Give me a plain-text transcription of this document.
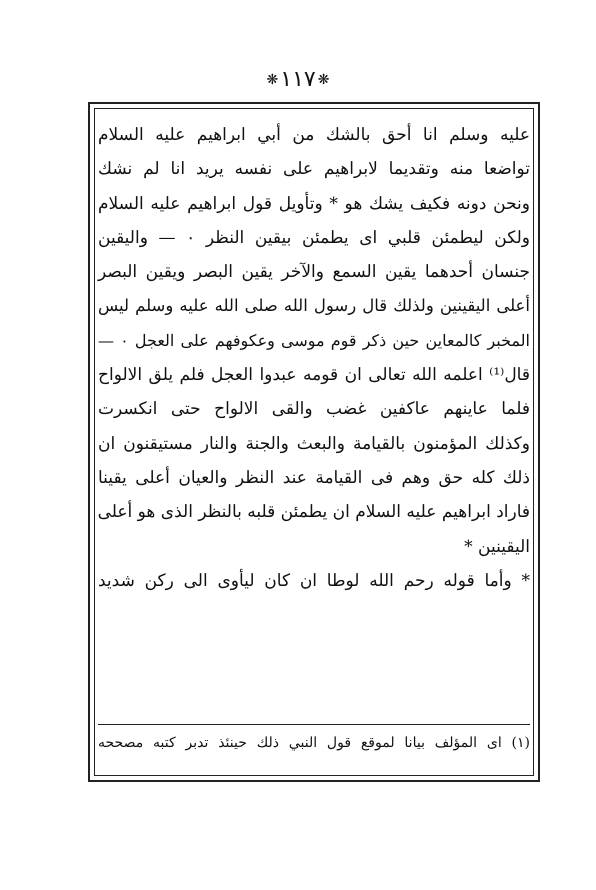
❋١١٧❋
عليه وسلم انا أحق بالشك من أبي ابراهيم عليه السلام
تواضعا منه وتقديما لابراهيم على نفسه يريد انا لم نشك
ونحن دونه فكيف يشك هو * وتأويل قول ابراهيم عليه السلام
ولكن ليطمئن قلبي اى يطمئن بيقين النظر ٠ — واليقين
جنسان أحدهما يقين السمع والآخر يقين البصر ويقين البصر
أعلى اليقينين ولذلك قال رسول الله صلى الله عليه وسلم ليس
المخبر كالمعاين حين ذكر قوم موسى وعكوفهم على العجل ٠ —
قال⁽¹⁾ اعلمه الله تعالى ان قومه عبدوا العجل فلم يلق الالواح
فلما عاينهم عاكفين غضب والقى الالواح حتى انكسرت
وكذلك المؤمنون بالقيامة والبعث والجنة والنار مستيقنون ان
ذلك كله حق وهم فى القيامة عند النظر والعيان أعلى يقينا
فاراد ابراهيم عليه السلام ان يطمئن قلبه بالنظر الذى هو أعلى
اليقينين *
* وأما قوله رحم الله لوطا ان كان ليأوى الى ركن شديد
(١) اى المؤلف بيانا لموقع قول النبي ذلك حينئذ تدبر كتبه مصححه
